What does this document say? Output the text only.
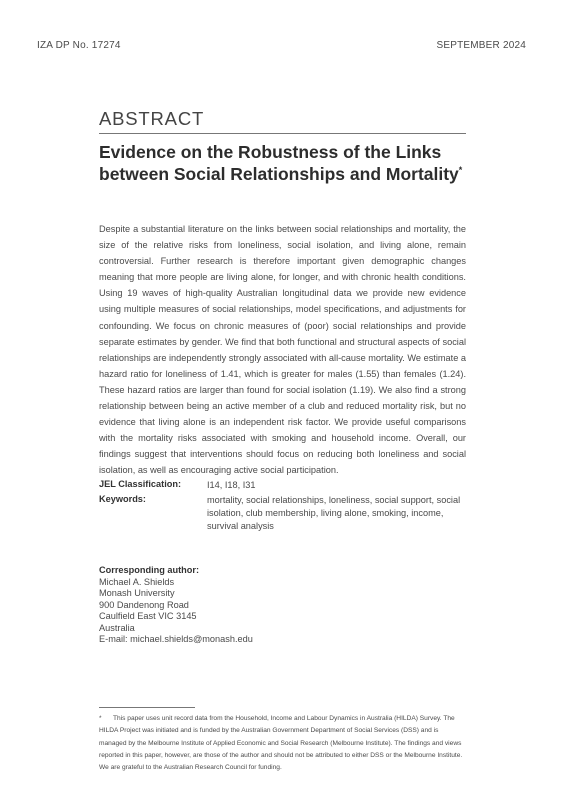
IZA DP No. 17274	SEPTEMBER 2024
ABSTRACT
Evidence on the Robustness of the Links between Social Relationships and Mortality*

Despite a substantial literature on the links between social relationships and mortality, the size of the relative risks from loneliness, social isolation, and living alone, remain controversial. Further research is therefore important given demographic changes meaning that more people are living alone, for longer, and with chronic health conditions. Using 19 waves of high-quality Australian longitudinal data we provide new evidence using multiple measures of social relationships, model specifications, and adjustments for confounding. We focus on chronic measures of (poor) social relationships and provide separate estimates by gender. We find that both functional and structural aspects of social relationships are independently strongly associated with all-cause mortality. We estimate a hazard ratio for loneliness of 1.41, which is greater for males (1.55) than females (1.24). These hazard ratios are larger than found for social isolation (1.19). We also find a strong relationship between being an active member of a club and reduced mortality risk, but no evidence that living alone is an independent risk factor. We provide useful comparisons with the mortality risks associated with smoking and household income. Overall, our findings suggest that interventions should focus on reducing both loneliness and social isolation, as well as encouraging active social participation.

JEL Classification:	I14, I18, I31
Keywords:	mortality, social relationships, loneliness, social support, social isolation, club membership, living alone, smoking, income, survival analysis
Corresponding author:
Michael A. Shields
Monash University
900 Dandenong Road
Caulfield East VIC 3145
Australia
E-mail: michael.shields@monash.edu

* This paper uses unit record data from the Household, Income and Labour Dynamics in Australia (HILDA) Survey. The HILDA Project was initiated and is funded by the Australian Government Department of Social Services (DSS) and is managed by the Melbourne Institute of Applied Economic and Social Research (Melbourne Institute). The findings and views reported in this paper, however, are those of the author and should not be attributed to either DSS or the Melbourne Institute. We are grateful to the Australian Research Council for funding.
